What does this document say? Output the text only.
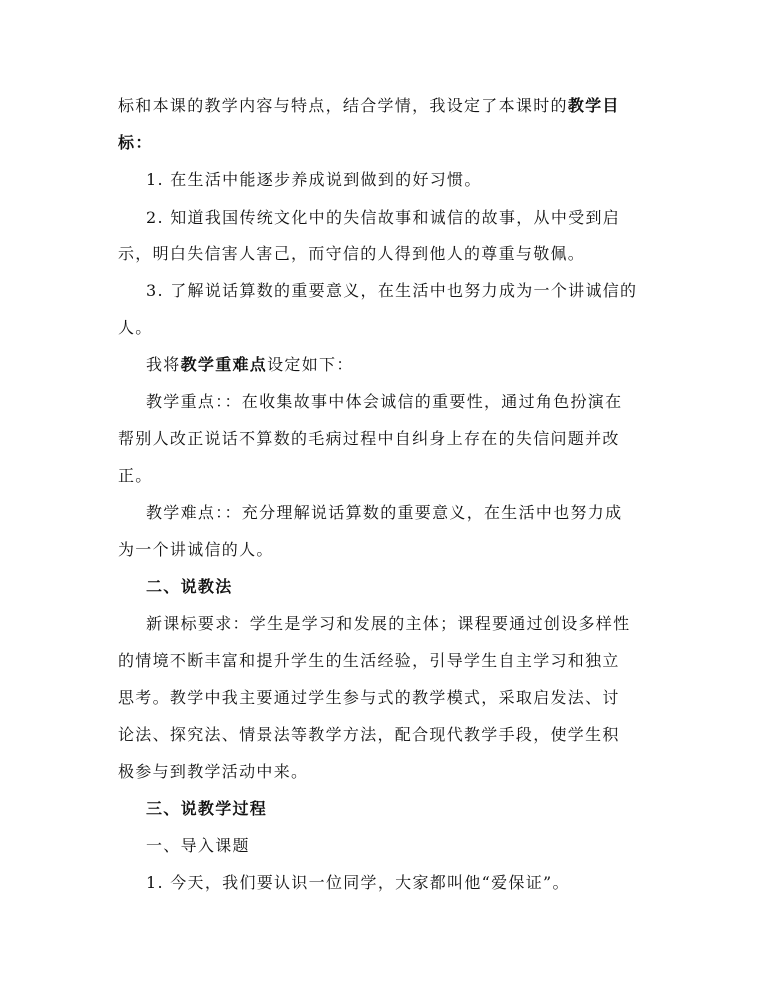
标和本课的教学内容与特点，结合学情，我设定了本课时的教学目
标：
1. 在生活中能逐步养成说到做到的好习惯。
2. 知道我国传统文化中的失信故事和诚信的故事，从中受到启
示，明白失信害人害己，而守信的人得到他人的尊重与敬佩。
3. 了解说话算数的重要意义，在生活中也努力成为一个讲诚信的
人。
我将教学重难点设定如下：
教学重点：：在收集故事中体会诚信的重要性，通过角色扮演在
帮别人改正说话不算数的毛病过程中自纠身上存在的失信问题并改
正。
教学难点：：充分理解说话算数的重要意义，在生活中也努力成
为一个讲诚信的人。
二、说教法
新课标要求：学生是学习和发展的主体；课程要通过创设多样性
的情境不断丰富和提升学生的生活经验，引导学生自主学习和独立
思考。教学中我主要通过学生参与式的教学模式，采取启发法、讨
论法、探究法、情景法等教学方法，配合现代教学手段，使学生积
极参与到教学活动中来。
三、说教学过程
一、导入课题
1. 今天，我们要认识一位同学，大家都叫他“爱保证”。
